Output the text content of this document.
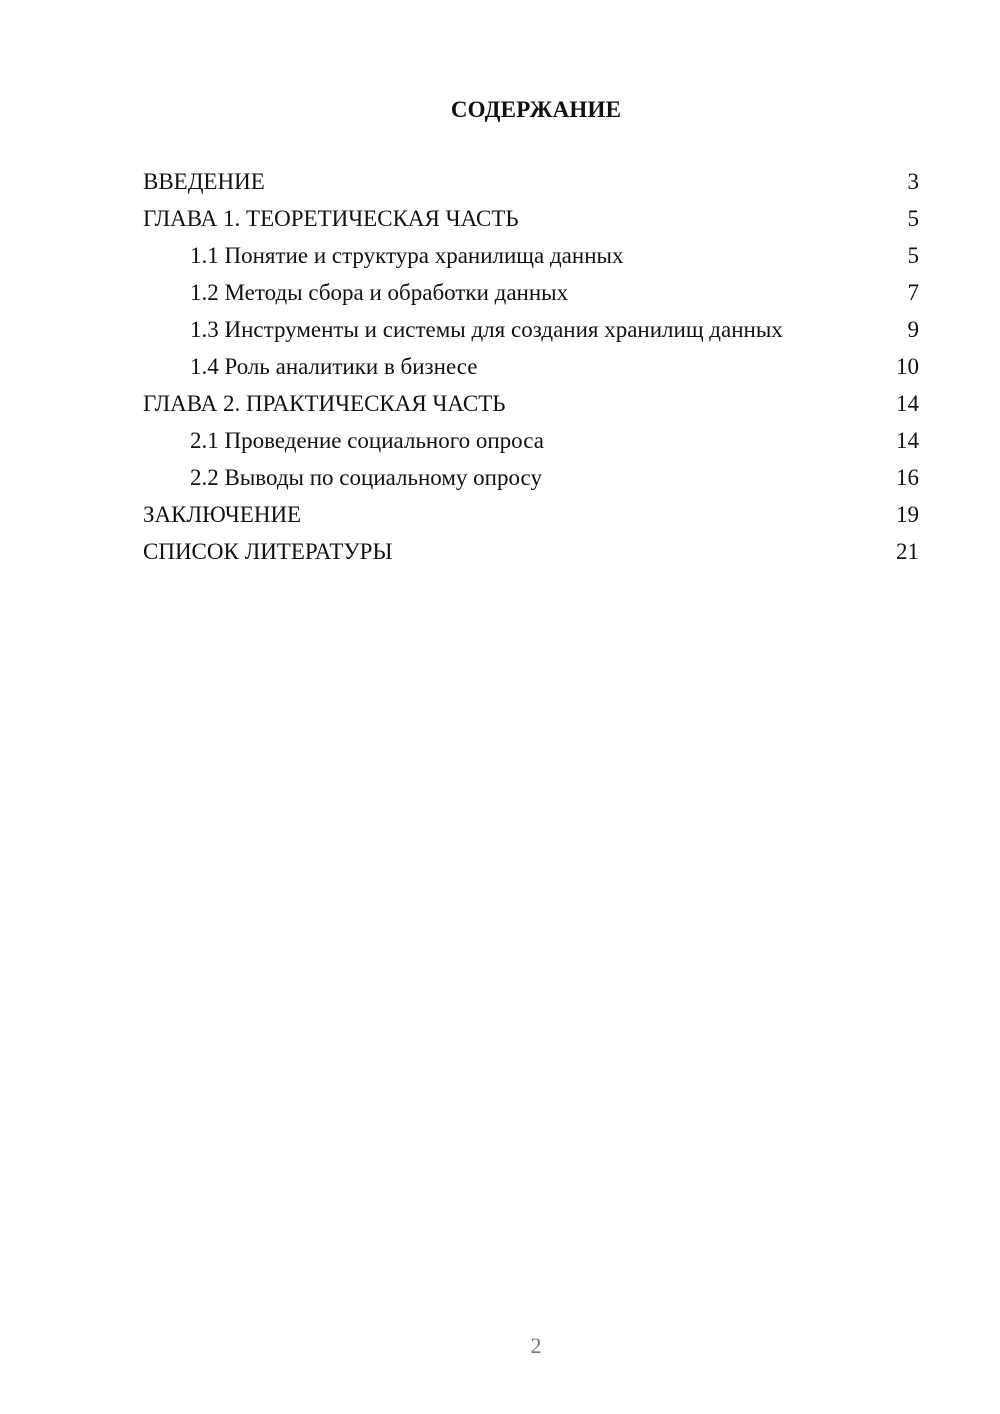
СОДЕРЖАНИЕ
ВВЕДЕНИЕ	3
ГЛАВА 1. ТЕОРЕТИЧЕСКАЯ ЧАСТЬ	5
1.1 Понятие и структура хранилища данных	5
1.2 Методы сбора и обработки данных	7
1.3 Инструменты и системы для создания хранилищ данных	9
1.4 Роль аналитики в бизнесе	10
ГЛАВА 2. ПРАКТИЧЕСКАЯ ЧАСТЬ	14
2.1 Проведение социального опроса	14
2.2 Выводы по социальному опросу	16
ЗАКЛЮЧЕНИЕ	19
СПИСОК ЛИТЕРАТУРЫ	21
2
